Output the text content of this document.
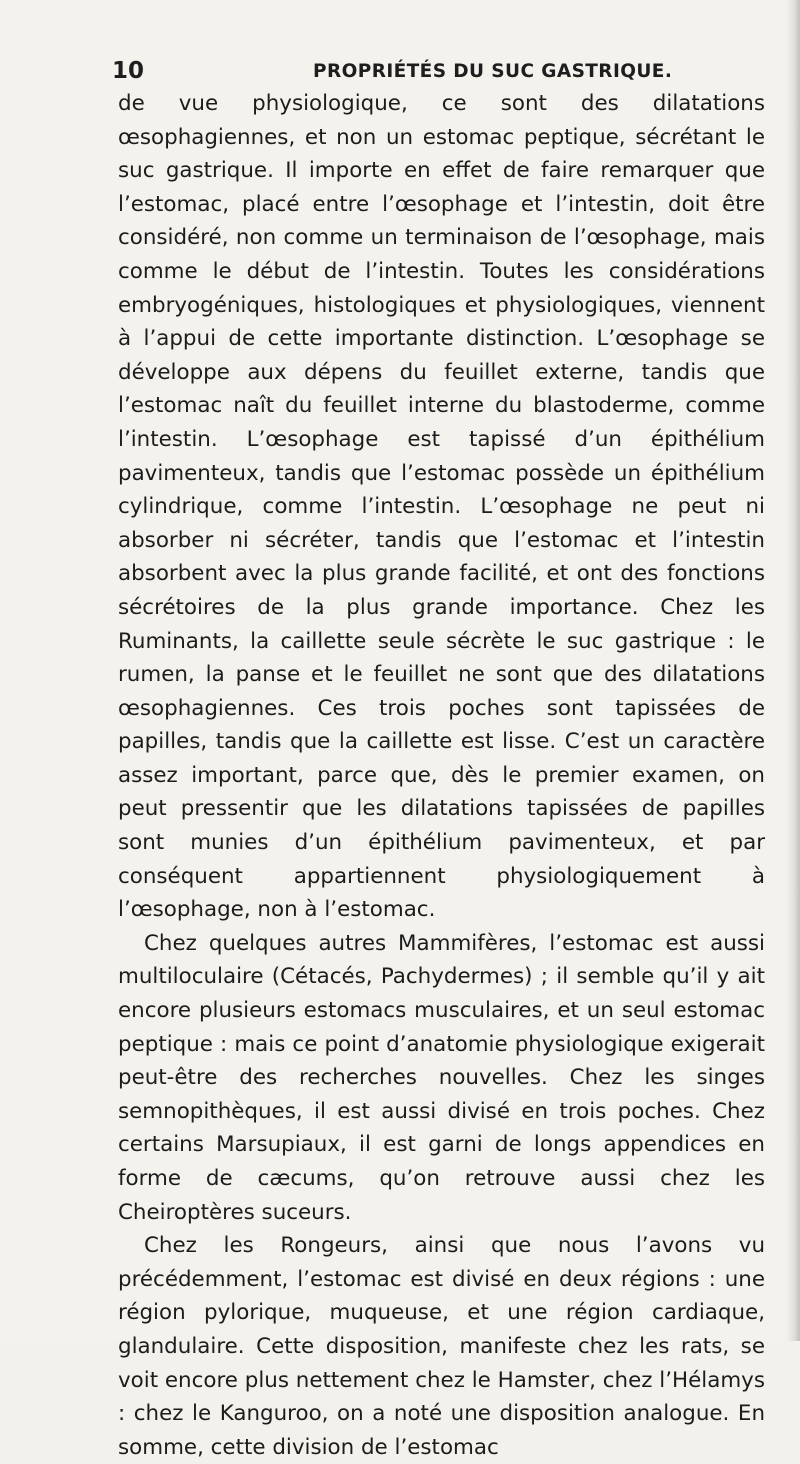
10	PROPRIÉTÉS DU SUC GASTRIQUE.

de vue physiologique, ce sont des dilatations œsophagiennes, et non un estomac peptique, sécrétant le suc gastrique. Il importe en effet de faire remarquer que l’estomac, placé entre l’œsophage et l’intestin, doit être considéré, non comme un terminaison de l’œsophage, mais comme le début de l’intestin. Toutes les considérations embryogéniques, histologiques et physiologiques, viennent à l’appui de cette importante distinction. L’œsophage se développe aux dépens du feuillet externe, tandis que l’estomac naît du feuillet interne du blastoderme, comme l’intestin. L’œsophage est tapissé d’un épithélium pavimenteux, tandis que l’estomac possède un épithélium cylindrique, comme l’intestin. L’œsophage ne peut ni absorber ni sécréter, tandis que l’estomac et l’intestin absorbent avec la plus grande facilité, et ont des fonctions sécrétoires de la plus grande importance. Chez les Ruminants, la caillette seule sécrète le suc gastrique : le rumen, la panse et le feuillet ne sont que des dilatations œsophagiennes. Ces trois poches sont tapissées de papilles, tandis que la caillette est lisse. C’est un caractère assez important, parce que, dès le premier examen, on peut pressentir que les dilatations tapissées de papilles sont munies d’un épithélium pavimenteux, et par conséquent appartiennent physiologiquement à l’œsophage, non à l’estomac.

Chez quelques autres Mammifères, l’estomac est aussi multiloculaire (Cétacés, Pachydermes) ; il semble qu’il y ait encore plusieurs estomacs musculaires, et un seul estomac peptique : mais ce point d’anatomie physiologique exigerait peut-être des recherches nouvelles. Chez les singes semnopithèques, il est aussi divisé en trois poches. Chez certains Marsupiaux, il est garni de longs appendices en forme de cæcums, qu’on retrouve aussi chez les Cheiroptères suceurs.

Chez les Rongeurs, ainsi que nous l’avons vu précédemment, l’estomac est divisé en deux régions : une région pylorique, muqueuse, et une région cardiaque, glandulaire. Cette disposition, manifeste chez les rats, se voit encore plus nettement chez le Hamster, chez l’Hélamys : chez le Kanguroo, on a noté une disposition analogue. En somme, cette division de l’estomac
